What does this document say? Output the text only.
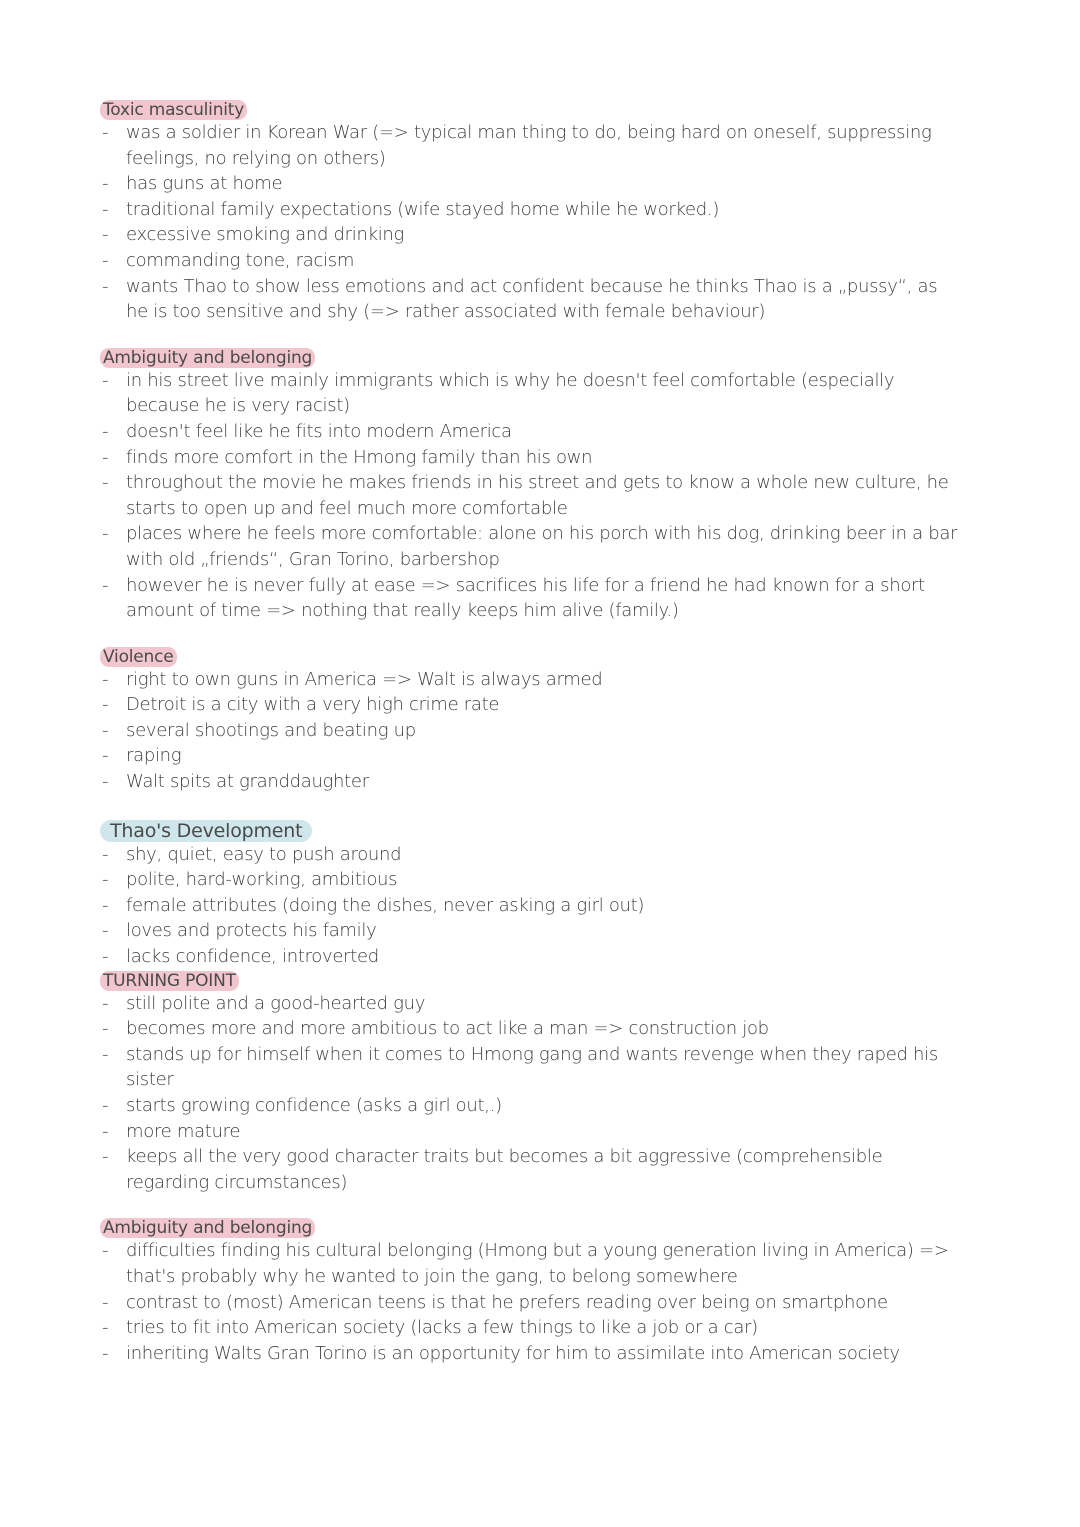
Toxic masculinity
- was a soldier in Korean War (=> typical man thing to do, being hard on oneself, suppressing feelings, no relying on others)
- has guns at home
- traditional family expectations (wife stayed home while he worked.)
- excessive smoking and drinking
- commanding tone, racism
- wants Thao to show less emotions and act confident because he thinks Thao is a „pussy“, as he is too sensitive and shy (=> rather associated with female behaviour)
Ambiguity and belonging
- in his street live mainly immigrants which is why he doesn't feel comfortable (especially because he is very racist)
- doesn't feel like he fits into modern America
- finds more comfort in the Hmong family than his own
- throughout the movie he makes friends in his street and gets to know a whole new culture, he starts to open up and feel much more comfortable
- places where he feels more comfortable: alone on his porch with his dog, drinking beer in a bar with old „friends“, Gran Torino, barbershop
- however he is never fully at ease => sacrifices his life for a friend he had known for a short amount of time => nothing that really keeps him alive (family.)
Violence
- right to own guns in America => Walt is always armed
- Detroit is a city with a very high crime rate
- several shootings and beating up
- raping
- Walt spits at granddaughter
Thao's Development
- shy, quiet, easy to push around
- polite, hard-working, ambitious
- female attributes (doing the dishes, never asking a girl out)
- loves and protects his family
- lacks confidence, introverted
TURNING POINT
- still polite and a good-hearted guy
- becomes more and more ambitious to act like a man => construction job
- stands up for himself when it comes to Hmong gang and wants revenge when they raped his sister
- starts growing confidence (asks a girl out,.)
- more mature
- keeps all the very good character traits but becomes a bit aggressive (comprehensible regarding circumstances)
Ambiguity and belonging
- difficulties finding his cultural belonging (Hmong but a young generation living in America) => that's probably why he wanted to join the gang, to belong somewhere
- contrast to (most) American teens is that he prefers reading over being on smartphone
- tries to fit into American society (lacks a few things to like a job or a car)
- inheriting Walts Gran Torino is an opportunity for him to assimilate into American society
